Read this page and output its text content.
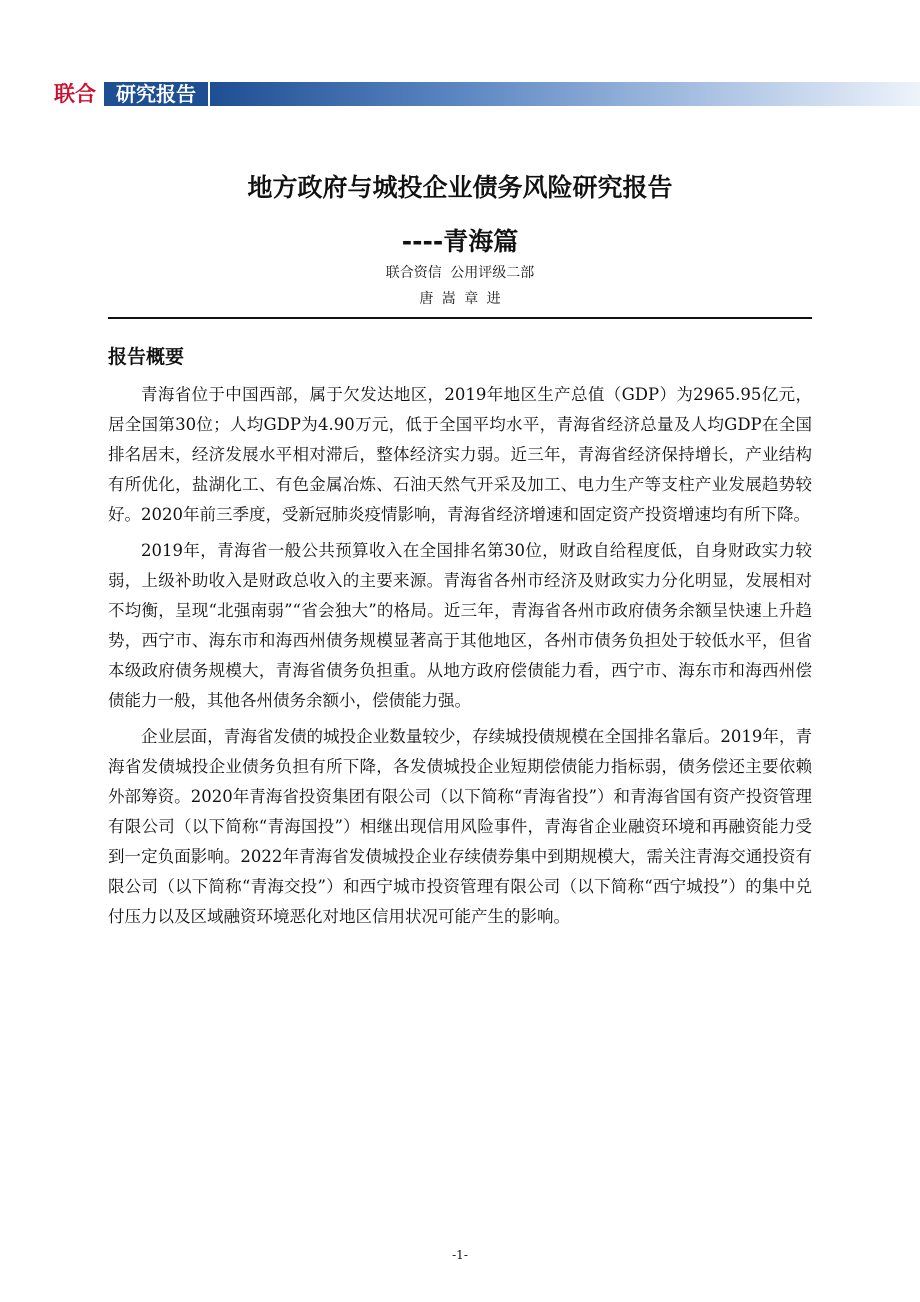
联合	研究报告
地方政府与城投企业债务风险研究报告
----青海篇
联合资信 公用评级二部
唐 嵩 章 进
报告概要

青海省位于中国西部，属于欠发达地区，2019年地区生产总值（GDP）为2965.95亿元，居全国第30位；人均GDP为4.90万元，低于全国平均水平，青海省经济总量及人均GDP在全国排名居末，经济发展水平相对滞后，整体经济实力弱。近三年，青海省经济保持增长，产业结构有所优化，盐湖化工、有色金属冶炼、石油天然气开采及加工、电力生产等支柱产业发展趋势较好。2020年前三季度，受新冠肺炎疫情影响，青海省经济增速和固定资产投资增速均有所下降。

2019年，青海省一般公共预算收入在全国排名第30位，财政自给程度低，自身财政实力较弱，上级补助收入是财政总收入的主要来源。青海省各州市经济及财政实力分化明显，发展相对不均衡，呈现“北强南弱”“省会独大”的格局。近三年，青海省各州市政府债务余额呈快速上升趋势，西宁市、海东市和海西州债务规模显著高于其他地区，各州市债务负担处于较低水平，但省本级政府债务规模大，青海省债务负担重。从地方政府偿债能力看，西宁市、海东市和海西州偿债能力一般，其他各州债务余额小，偿债能力强。

企业层面，青海省发债的城投企业数量较少，存续城投债规模在全国排名靠后。2019年，青海省发债城投企业债务负担有所下降，各发债城投企业短期偿债能力指标弱，债务偿还主要依赖外部筹资。2020年青海省投资集团有限公司（以下简称“青海省投”）和青海省国有资产投资管理有限公司（以下简称“青海国投”）相继出现信用风险事件，青海省企业融资环境和再融资能力受到一定负面影响。2022年青海省发债城投企业存续债券集中到期规模大，需关注青海交通投资有限公司（以下简称“青海交投”）和西宁城市投资管理有限公司（以下简称“西宁城投”）的集中兑付压力以及区域融资环境恶化对地区信用状况可能产生的影响。

-1-
